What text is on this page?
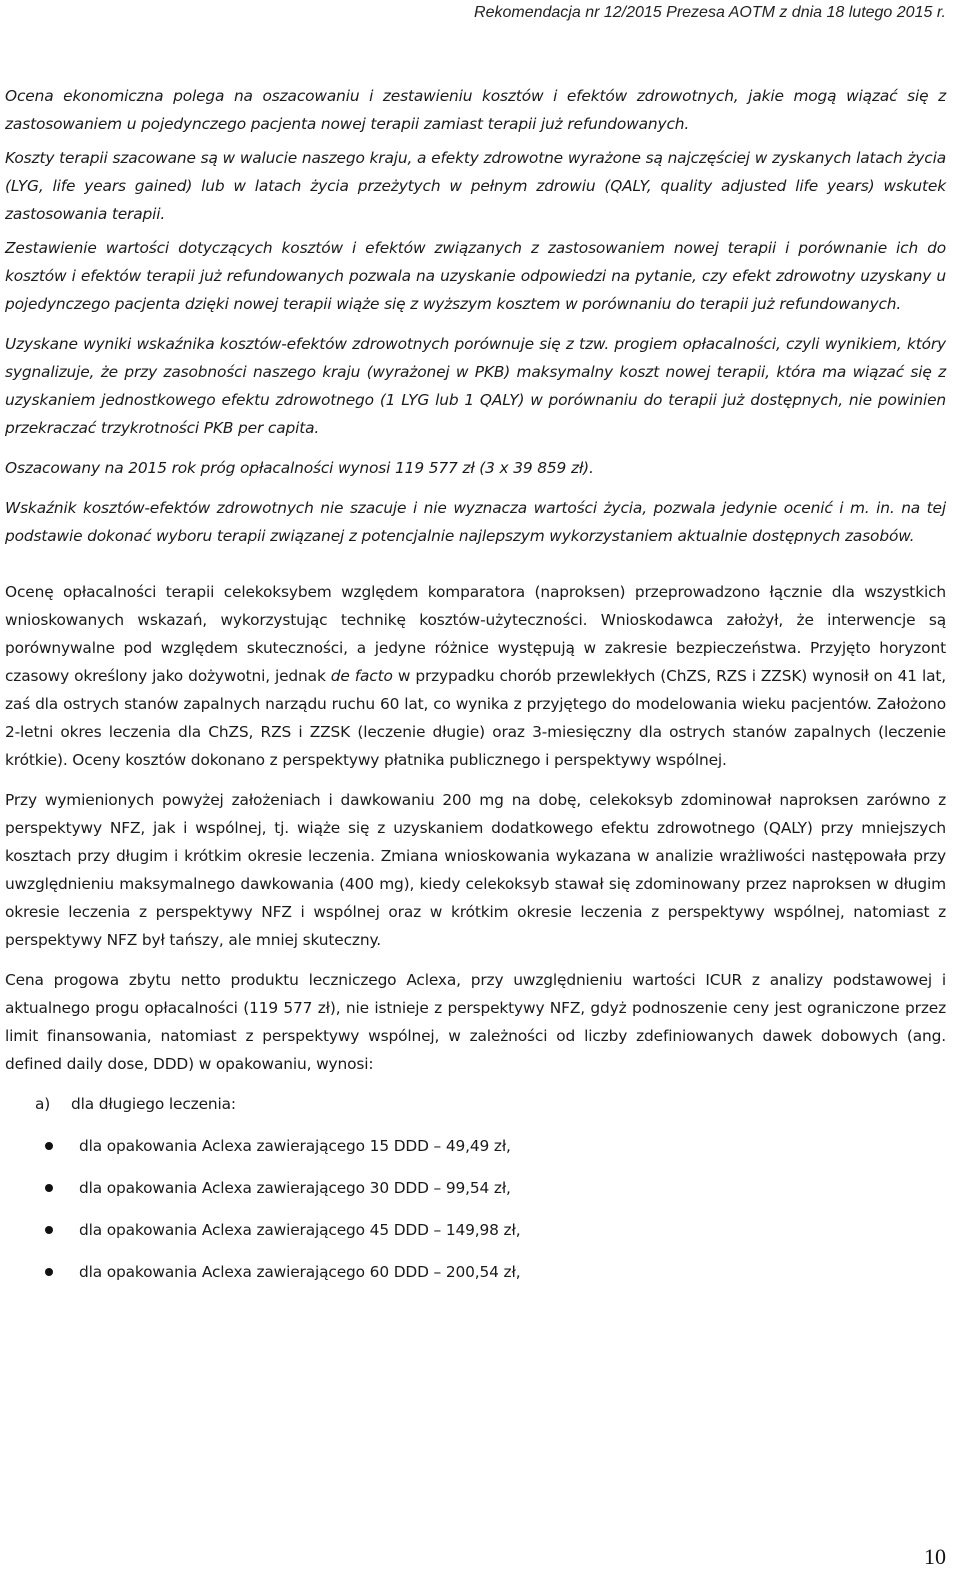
Rekomendacja nr 12/2015 Prezesa AOTM z dnia 18 lutego 2015 r.

Ocena ekonomiczna polega na oszacowaniu i zestawieniu kosztów i efektów zdrowotnych, jakie mogą wiązać się z zastosowaniem u pojedynczego pacjenta nowej terapii zamiast terapii już refundowanych.

Koszty terapii szacowane są w walucie naszego kraju, a efekty zdrowotne wyrażone są najczęściej w zyskanych latach życia (LYG, life years gained) lub w latach życia przeżytych w pełnym zdrowiu (QALY, quality adjusted life years) wskutek zastosowania terapii.

Zestawienie wartości dotyczących kosztów i efektów związanych z zastosowaniem nowej terapii i porównanie ich do kosztów i efektów terapii już refundowanych pozwala na uzyskanie odpowiedzi na pytanie, czy efekt zdrowotny uzyskany u pojedynczego pacjenta dzięki nowej terapii wiąże się z wyższym kosztem w porównaniu do terapii już refundowanych.

Uzyskane wyniki wskaźnika kosztów-efektów zdrowotnych porównuje się z tzw. progiem opłacalności, czyli wynikiem, który sygnalizuje, że przy zasobności naszego kraju (wyrażonej w PKB) maksymalny koszt nowej terapii, która ma wiązać się z uzyskaniem jednostkowego efektu zdrowotnego (1 LYG lub 1 QALY) w porównaniu do terapii już dostępnych, nie powinien przekraczać trzykrotności PKB per capita.

Oszacowany na 2015 rok próg opłacalności wynosi 119 577 zł (3 x 39 859 zł).

Wskaźnik kosztów-efektów zdrowotnych nie szacuje i nie wyznacza wartości życia, pozwala jedynie ocenić i m. in. na tej podstawie dokonać wyboru terapii związanej z potencjalnie najlepszym wykorzystaniem aktualnie dostępnych zasobów.

Ocenę opłacalności terapii celekoksybem względem komparatora (naproksen) przeprowadzono łącznie dla wszystkich wnioskowanych wskazań, wykorzystując technikę kosztów-użyteczności. Wnioskodawca założył, że interwencje są porównywalne pod względem skuteczności, a jedyne różnice występują w zakresie bezpieczeństwa. Przyjęto horyzont czasowy określony jako dożywotni, jednak de facto w przypadku chorób przewlekłych (ChZS, RZS i ZZSK) wynosił on 41 lat, zaś dla ostrych stanów zapalnych narządu ruchu 60 lat, co wynika z przyjętego do modelowania wieku pacjentów. Założono 2-letni okres leczenia dla ChZS, RZS i ZZSK (leczenie długie) oraz 3-miesięczny dla ostrych stanów zapalnych (leczenie krótkie). Oceny kosztów dokonano z perspektywy płatnika publicznego i perspektywy wspólnej.

Przy wymienionych powyżej założeniach i dawkowaniu 200 mg na dobę, celekoksyb zdominował naproksen zarówno z perspektywy NFZ, jak i wspólnej, tj. wiąże się z uzyskaniem dodatkowego efektu zdrowotnego (QALY) przy mniejszych kosztach przy długim i krótkim okresie leczenia. Zmiana wnioskowania wykazana w analizie wrażliwości następowała przy uwzględnieniu maksymalnego dawkowania (400 mg), kiedy celekoksyb stawał się zdominowany przez naproksen w długim okresie leczenia z perspektywy NFZ i wspólnej oraz w krótkim okresie leczenia z perspektywy wspólnej, natomiast z perspektywy NFZ był tańszy, ale mniej skuteczny.

Cena progowa zbytu netto produktu leczniczego Aclexa, przy uwzględnieniu wartości ICUR z analizy podstawowej i aktualnego progu opłacalności (119 577 zł), nie istnieje z perspektywy NFZ, gdyż podnoszenie ceny jest ograniczone przez limit finansowania, natomiast z perspektywy wspólnej, w zależności od liczby zdefiniowanych dawek dobowych (ang. defined daily dose, DDD) w opakowaniu, wynosi:

a)	dla długiego leczenia:
dla opakowania Aclexa zawierającego 15 DDD – 49,49 zł,
dla opakowania Aclexa zawierającego 30 DDD – 99,54 zł,
dla opakowania Aclexa zawierającego 45 DDD – 149,98 zł,
dla opakowania Aclexa zawierającego 60 DDD – 200,54 zł,
10
